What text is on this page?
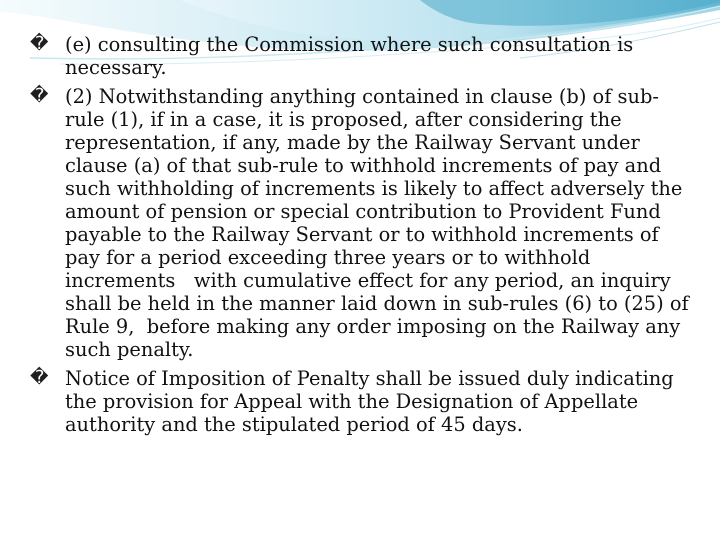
� (e) consulting the Commission where such consultation is necessary.
� (2) Notwithstanding anything contained in clause (b) of sub-rule (1), if in a case, it is proposed, after considering the representation, if any, made by the Railway Servant under clause (a) of that sub-rule to withhold increments of pay and such withholding of increments is likely to affect adversely the amount of pension or special contribution to Provident Fund payable to the Railway Servant or to withhold increments of pay for a period exceeding three years or to withhold increments   with cumulative effect for any period, an inquiry shall be held in the manner laid down in sub-rules (6) to (25) of Rule 9,  before making any order imposing on the Railway any such penalty.
� Notice of Imposition of Penalty shall be issued duly indicating the provision for Appeal with the Designation of Appellate authority and the stipulated period of 45 days.
